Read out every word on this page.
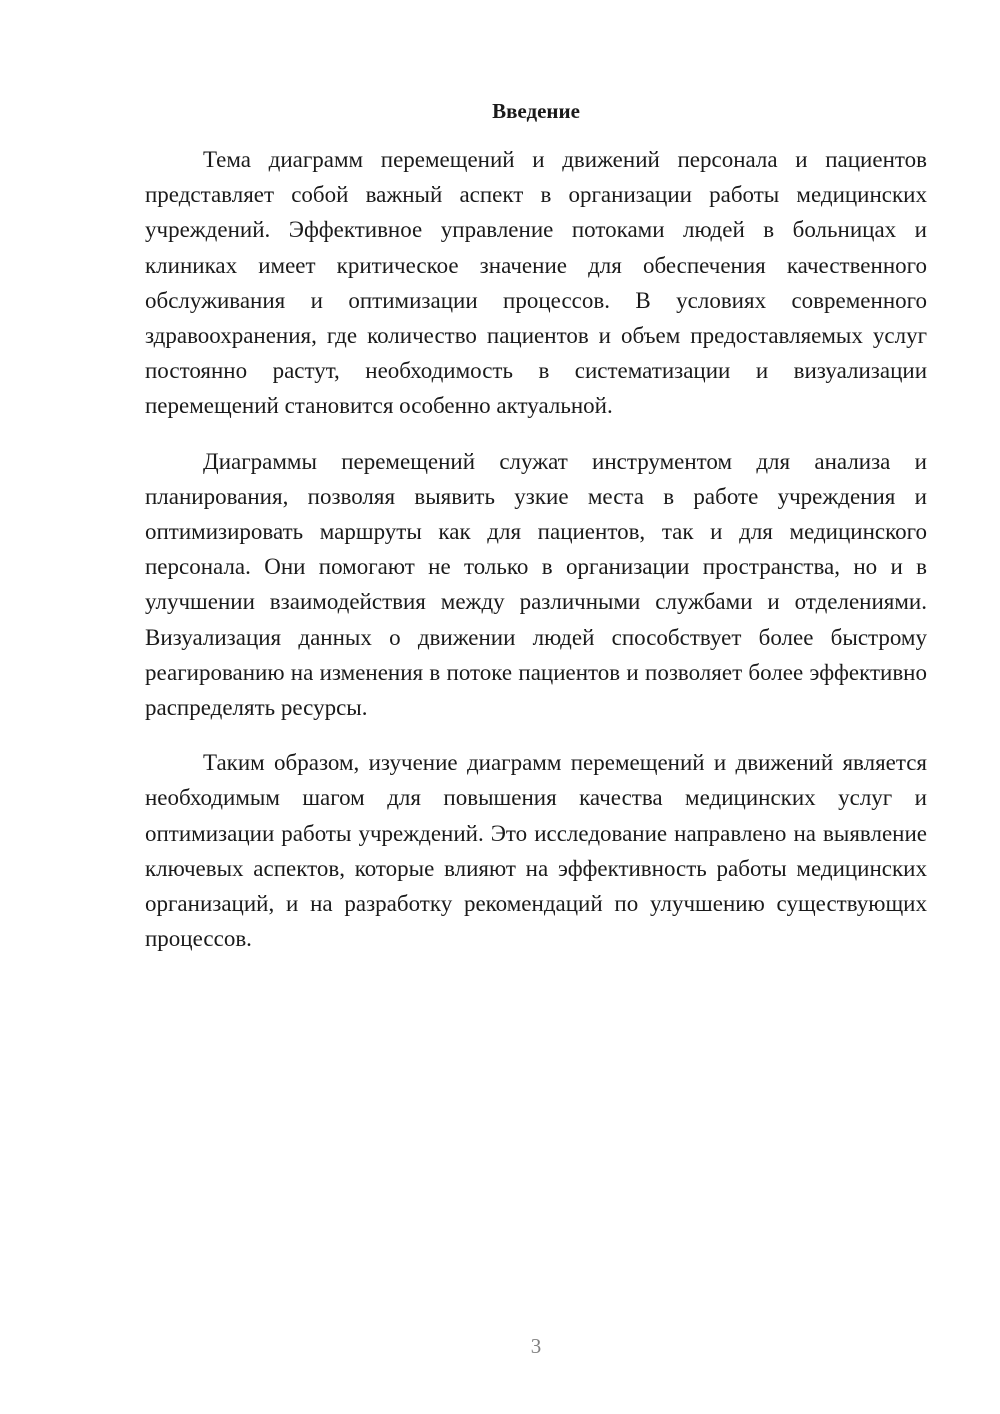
Введение

Тема диаграмм перемещений и движений персонала и пациентов представляет собой важный аспект в организации работы медицинских учреждений. Эффективное управление потоками людей в больницах и клиниках имеет критическое значение для обеспечения качественного обслуживания и оптимизации процессов. В условиях современного здравоохранения, где количество пациентов и объем предоставляемых услуг постоянно растут, необходимость в систематизации и визуализации перемещений становится особенно актуальной.

Диаграммы перемещений служат инструментом для анализа и планирования, позволяя выявить узкие места в работе учреждения и оптимизировать маршруты как для пациентов, так и для медицинского персонала. Они помогают не только в организации пространства, но и в улучшении взаимодействия между различными службами и отделениями. Визуализация данных о движении людей способствует более быстрому реагированию на изменения в потоке пациентов и позволяет более эффективно распределять ресурсы.

Таким образом, изучение диаграмм перемещений и движений является необходимым шагом для повышения качества медицинских услуг и оптимизации работы учреждений. Это исследование направлено на выявление ключевых аспектов, которые влияют на эффективность работы медицинских организаций, и на разработку рекомендаций по улучшению существующих процессов.

3
